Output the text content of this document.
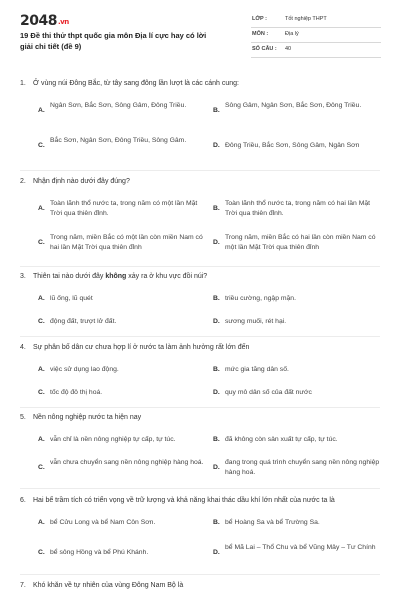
2048.vn
19 Đề thi thử thpt quốc gia môn Địa lí cực hay có lời giải chi tiết (đề 9)
LỚP :	Tốt nghiệp THPT
MÔN :	Địa lý
SỐ CÂU : 40
1. Ở vùng núi Đông Bắc, từ tây sang đông lần lượt là các cánh cung:
A.
Ngân Sơn, Bắc Sơn, Sông Gâm, Đông Triều.
B.
Sông Gâm, Ngân Sơn, Bắc Sơn, Đông Triều.
C.
Bắc Sơn, Ngân Sơn, Đông Triều, Sông Gâm.
D. Đông Triều, Bắc Sơn, Sông Gâm, Ngân Sơn
2. Nhận định nào dưới đây đúng?
A.
Toàn lãnh thổ nước ta, trong năm có một lần Mặt Trời qua thiên đỉnh.
B.
Toàn lãnh thổ nước ta, trong năm có hai lần Mặt Trời qua thiên đỉnh.
C.
Trong năm, miền Bắc có một lần còn miền Nam có hai lần Mặt Trời qua thiên đỉnh
D.
Trong năm, miền Bắc có hai lần còn miền Nam có một lần Mặt Trời qua thiên đỉnh
3. Thiên tai nào dưới đây không xảy ra ở khu vực đồi núi?
A. lũ ống, lũ quét	B. triều cường, ngập mặn.
C. động đất, trượt lở đất.	D. sương muối, rét hại.
4. Sự phân bố dân cư chưa hợp lí ở nước ta làm ảnh hưởng rất lớn đến
A. việc sử dụng lao động.	B. mức gia tăng dân số.
C. tốc độ đô thị hoá.	D. quy mô dân số của đất nước
5. Nền nông nghiệp nước ta hiện nay
A. vẫn chỉ là nền nông nghiệp tự cấp, tự túc.	B. đã không còn sản xuất tự cấp, tự túc.
C.
vẫn chưa chuyển sang nền nông nghiệp hàng hoá.
D.
đang trong quá trình chuyển sang nền nông nghiệp hàng hoá.
6. Hai bể trầm tích có triển vọng về trữ lượng và khả năng khai thác dầu khí lớn nhất của nước ta là
A. bể Cửu Long và bể Nam Côn Sơn.	B. bể Hoàng Sa và bể Trường Sa.
C. bể sông Hồng và bể Phú Khánh.	D.
bể Mã Lai – Thổ Chu và bể Vũng Mây – Tư Chính
7. Khó khăn về tự nhiên của vùng Đông Nam Bộ là
